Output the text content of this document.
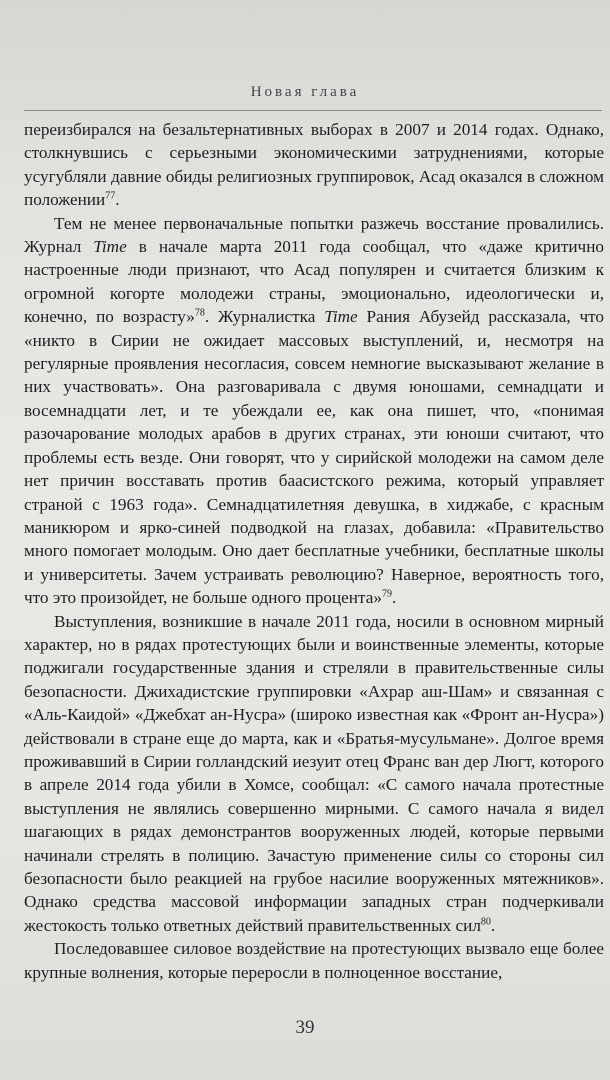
Новая глава

переизбирался на безальтернативных выборах в 2007 и 2014 годах. Однако, столкнувшись с серьезными экономическими затруднениями, которые усугубляли давние обиды религиозных группировок, Асад оказался в сложном положении$^{77}$.

Тем не менее первоначальные попытки разжечь восстание провалились. Журнал Time в начале марта 2011 года сообщал, что «даже критично настроенные люди признают, что Асад популярен и считается близким к огромной когорте молодежи страны, эмоционально, идеологически и, конечно, по возрасту»$^{78}$. Журналистка Time Рания Абузейд рассказала, что «никто в Сирии не ожидает массовых выступлений, и, несмотря на регулярные проявления несогласия, совсем немногие высказывают желание в них участвовать». Она разговаривала с двумя юношами, семнадцати и восемнадцати лет, и те убеждали ее, как она пишет, что, «понимая разочарование молодых арабов в других странах, эти юноши считают, что проблемы есть везде. Они говорят, что у сирийской молодежи на самом деле нет причин восставать против баасистского режима, который управляет страной с 1963 года». Семнадцатилетняя девушка, в хиджабе, с красным маникюром и ярко-синей подводкой на глазах, добавила: «Правительство много помогает молодым. Оно дает бесплатные учебники, бесплатные школы и университеты. Зачем устраивать революцию? Наверное, вероятность того, что это произойдет, не больше одного процента»$^{79}$.

Выступления, возникшие в начале 2011 года, носили в основном мирный характер, но в рядах протестующих были и воинственные элементы, которые поджигали государственные здания и стреляли в правительственные силы безопасности. Джихадистские группировки «Ахрар аш-Шам» и связанная с «Аль-Каидой» «Джебхат ан-Нусра» (широко известная как «Фронт ан-Нусра») действовали в стране еще до марта, как и «Братья-мусульмане». Долгое время проживавший в Сирии голландский иезуит отец Франс ван дер Люгт, которого в апреле 2014 года убили в Хомсе, сообщал: «С самого начала протестные выступления не являлись совершенно мирными. С самого начала я видел шагающих в рядах демонстрантов вооруженных людей, которые первыми начинали стрелять в полицию. Зачастую применение силы со стороны сил безопасности было реакцией на грубое насилие вооруженных мятежников». Однако средства массовой информации западных стран подчеркивали жестокость только ответных действий правительственных сил$^{80}$.

Последовавшее силовое воздействие на протестующих вызвало еще более крупные волнения, которые переросли в полноценное восстание,

39
